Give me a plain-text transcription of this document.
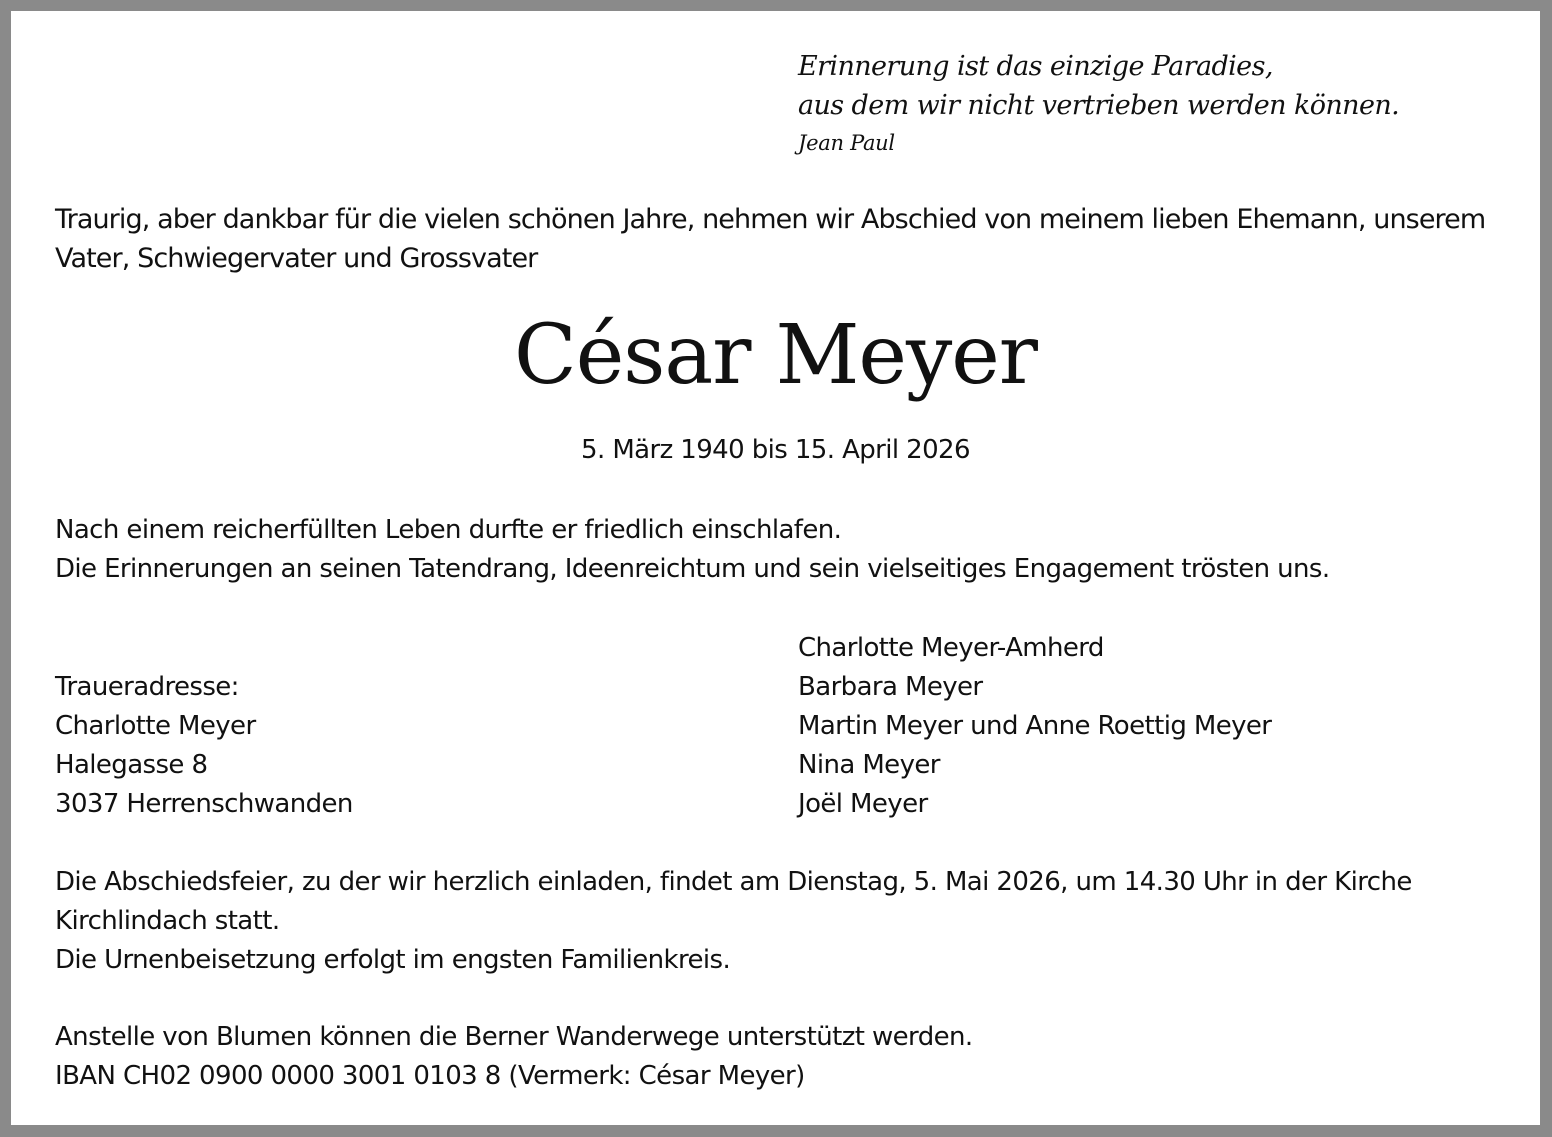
Erinnerung ist das einzige Paradies,
aus dem wir nicht vertrieben werden können.
Jean Paul
Traurig, aber dankbar für die vielen schönen Jahre, nehmen wir Abschied von meinem lieben Ehemann, unserem Vater, Schwiegervater und Grossvater
César Meyer
5. März 1940 bis 15. April 2026
Nach einem reicherfüllten Leben durfte er friedlich einschlafen.
Die Erinnerungen an seinen Tatendrang, Ideenreichtum und sein vielseitiges Engagement trösten uns.
Traueradresse:
Charlotte Meyer
Halegasse 8
3037 Herrenschwanden
Charlotte Meyer-Amherd
Barbara Meyer
Martin Meyer und Anne Roettig Meyer
Nina Meyer
Joël Meyer
Die Abschiedsfeier, zu der wir herzlich einladen, findet am Dienstag, 5. Mai 2026, um 14.30 Uhr in der Kirche Kirchlindach statt.
Die Urnenbeisetzung erfolgt im engsten Familienkreis.
Anstelle von Blumen können die Berner Wanderwege unterstützt werden.
IBAN CH02 0900 0000 3001 0103 8 (Vermerk: César Meyer)
